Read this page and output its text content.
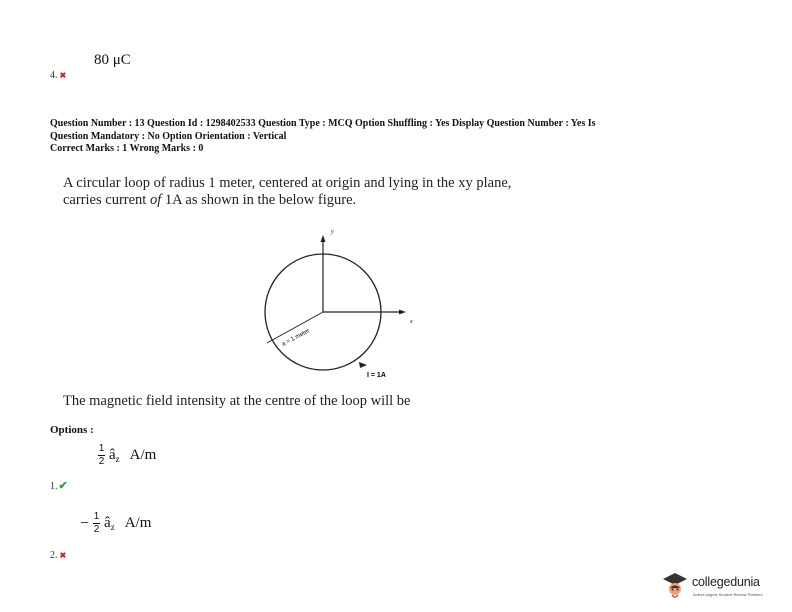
80 μC
4. ✖
Question Number : 13 Question Id : 1298402533 Question Type : MCQ Option Shuffling : Yes Display Question Number : Yes Is
Question Mandatory : No Option Orientation : Vertical
Correct Marks : 1 Wrong Marks : 0
A circular loop of radius 1 meter, centered at origin and lying in the xy plane,
carries current of 1A as shown in the below figure.
y
x
a = 1 meter
I = 1A
The magnetic field intensity at the centre of the loop will be
Options :
$\frac{1}{2}$ $â_z$ A/m
1.✔
− $\frac{1}{2}$ $â_z$ A/m
2. ✖
collegedunia
India's largest Student Review Platform
